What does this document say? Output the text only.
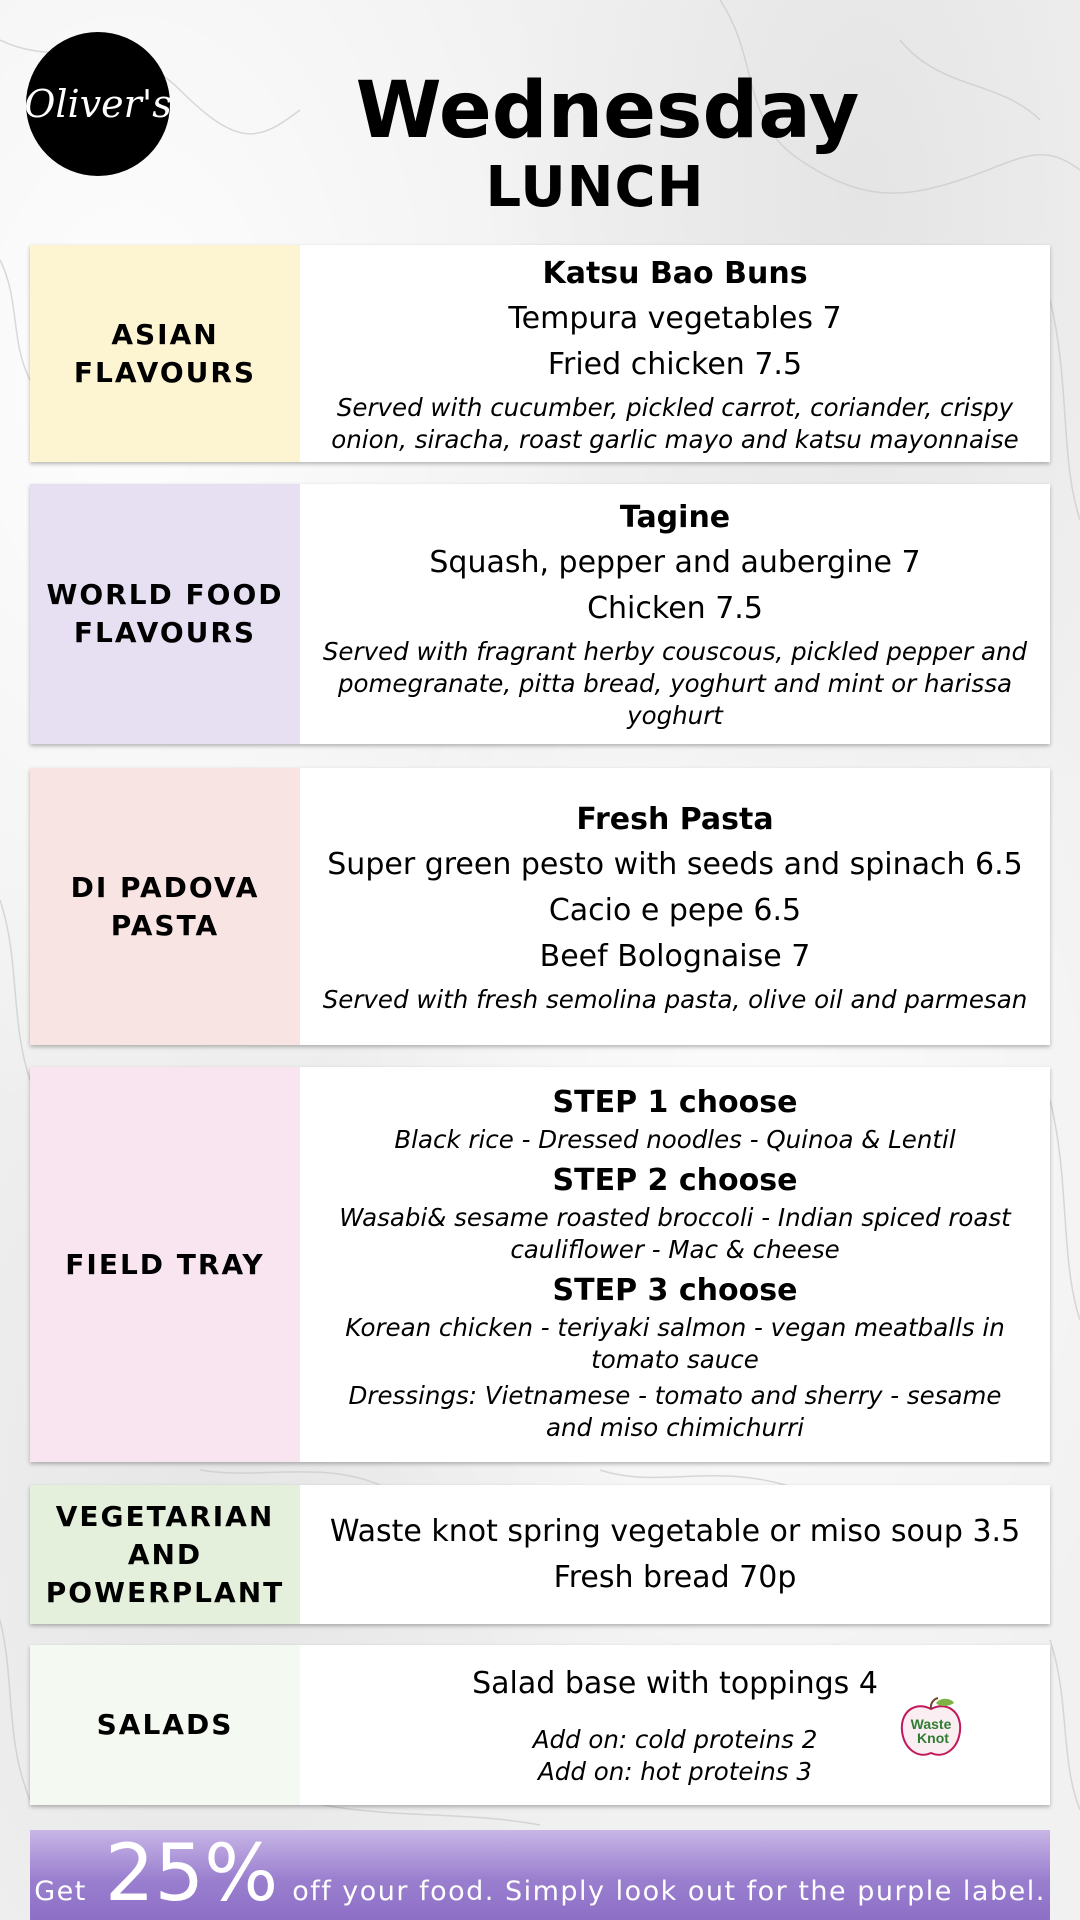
Oliver's	Wednesday
LUNCH
ASIAN
FLAVOURS
Katsu Bao Buns
Tempura vegetables 7
Fried chicken 7.5
Served with cucumber, pickled carrot, coriander, crispy onion, siracha, roast garlic mayo and katsu mayonnaise
WORLD FOOD
FLAVOURS
Tagine
Squash, pepper and aubergine 7
Chicken 7.5
Served with fragrant herby couscous, pickled pepper and pomegranate, pitta bread, yoghurt and mint or harissa yoghurt
DI PADOVA
PASTA
Fresh Pasta
Super green pesto with seeds and spinach 6.5
Cacio e pepe 6.5
Beef Bolognaise 7
Served with fresh semolina pasta, olive oil and parmesan
FIELD TRAY
STEP 1 choose
Black rice - Dressed noodles - Quinoa & Lentil
STEP 2 choose
Wasabi& sesame roasted broccoli - Indian spiced roast cauliflower - Mac & cheese
STEP 3 choose
Korean chicken - teriyaki salmon - vegan meatballs in tomato sauce
Dressings: Vietnamese - tomato and sherry - sesame and miso chimichurri
VEGETARIAN
AND
POWERPLANT
Waste knot spring vegetable or miso soup 3.5
Fresh bread 70p
SALADS
Salad base with toppings 4
Add on: cold proteins 2
Add on: hot proteins 3
Waste
Knot
Get 25% off your food. Simply look out for the purple label.
